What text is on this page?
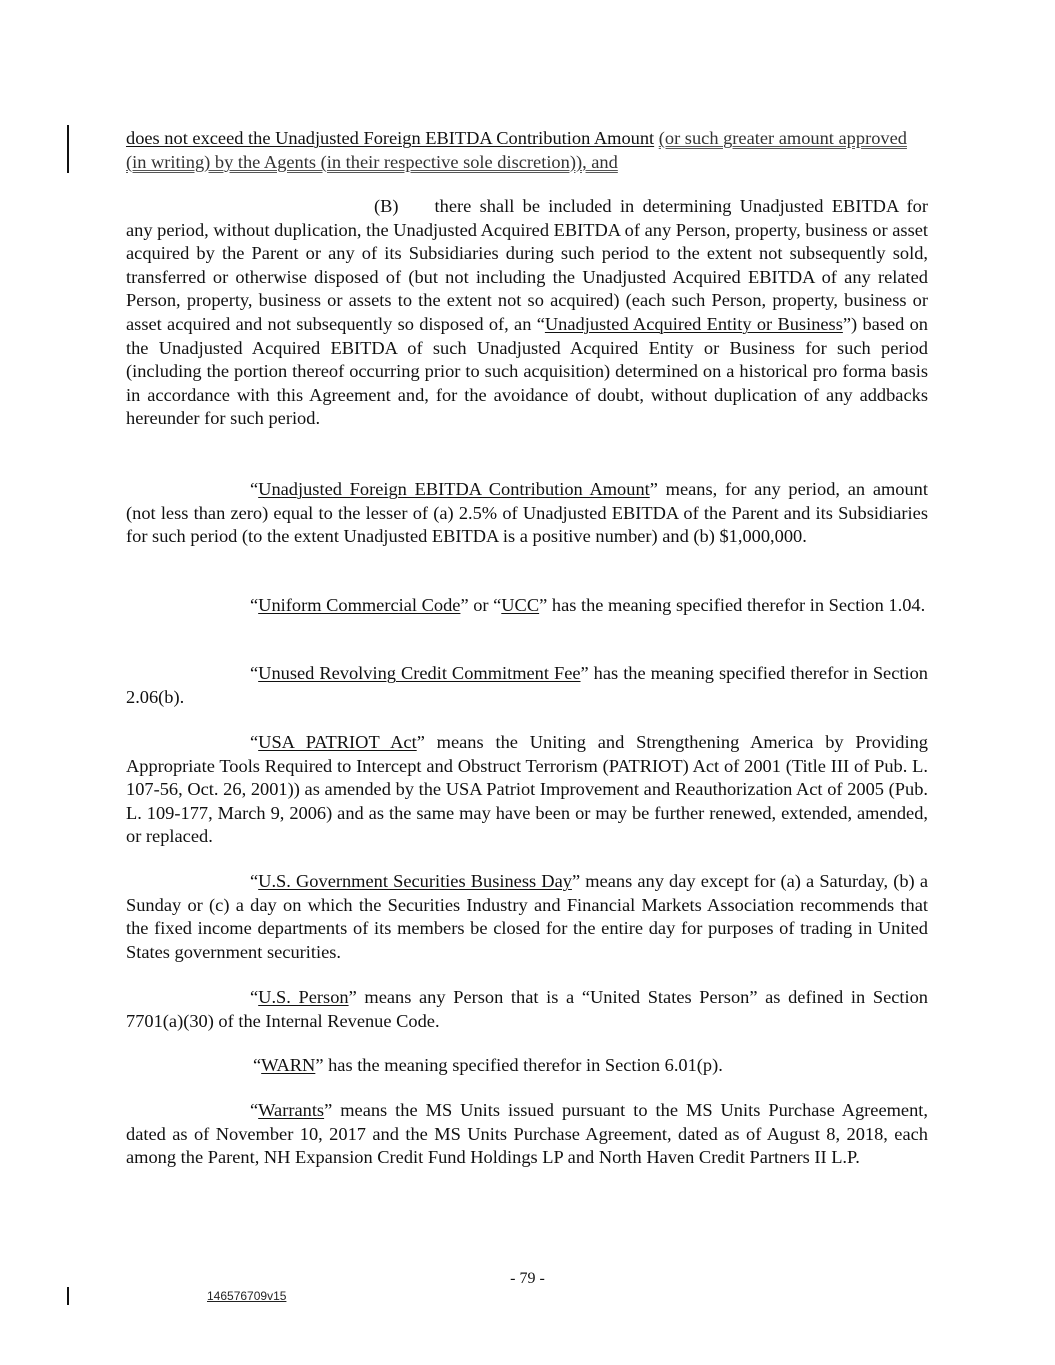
does not exceed the Unadjusted Foreign EBITDA Contribution Amount (or such greater amount approved (in writing) by the Agents (in their respective sole discretion)), and

(B) there shall be included in determining Unadjusted EBITDA for any period, without duplication, the Unadjusted Acquired EBITDA of any Person, property, business or asset acquired by the Parent or any of its Subsidiaries during such period to the extent not subsequently sold, transferred or otherwise disposed of (but not including the Unadjusted Acquired EBITDA of any related Person, property, business or assets to the extent not so acquired) (each such Person, property, business or asset acquired and not subsequently so disposed of, an “Unadjusted Acquired Entity or Business”) based on the Unadjusted Acquired EBITDA of such Unadjusted Acquired Entity or Business for such period (including the portion thereof occurring prior to such acquisition) determined on a historical pro forma basis in accordance with this Agreement and, for the avoidance of doubt, without duplication of any addbacks hereunder for such period.

“Unadjusted Foreign EBITDA Contribution Amount” means, for any period, an amount (not less than zero) equal to the lesser of (a) 2.5% of Unadjusted EBITDA of the Parent and its Subsidiaries for such period (to the extent Unadjusted EBITDA is a positive number) and (b) $1,000,000.

“Uniform Commercial Code” or “UCC” has the meaning specified therefor in Section 1.04.

“Unused Revolving Credit Commitment Fee” has the meaning specified therefor in Section 2.06(b).

“USA PATRIOT Act” means the Uniting and Strengthening America by Providing Appropriate Tools Required to Intercept and Obstruct Terrorism (PATRIOT) Act of 2001 (Title III of Pub. L. 107-56, Oct. 26, 2001)) as amended by the USA Patriot Improvement and Reauthorization Act of 2005 (Pub. L. 109-177, March 9, 2006) and as the same may have been or may be further renewed, extended, amended, or replaced.

“U.S. Government Securities Business Day” means any day except for (a) a Saturday, (b) a Sunday or (c) a day on which the Securities Industry and Financial Markets Association recommends that the fixed income departments of its members be closed for the entire day for purposes of trading in United States government securities.

“U.S. Person” means any Person that is a “United States Person” as defined in Section 7701(a)(30) of the Internal Revenue Code.

“WARN” has the meaning specified therefor in Section 6.01(p).

“Warrants” means the MS Units issued pursuant to the MS Units Purchase Agreement, dated as of November 10, 2017 and the MS Units Purchase Agreement, dated as of August 8, 2018, each among the Parent, NH Expansion Credit Fund Holdings LP and North Haven Credit Partners II L.P.

- 79 -
146576709v15
